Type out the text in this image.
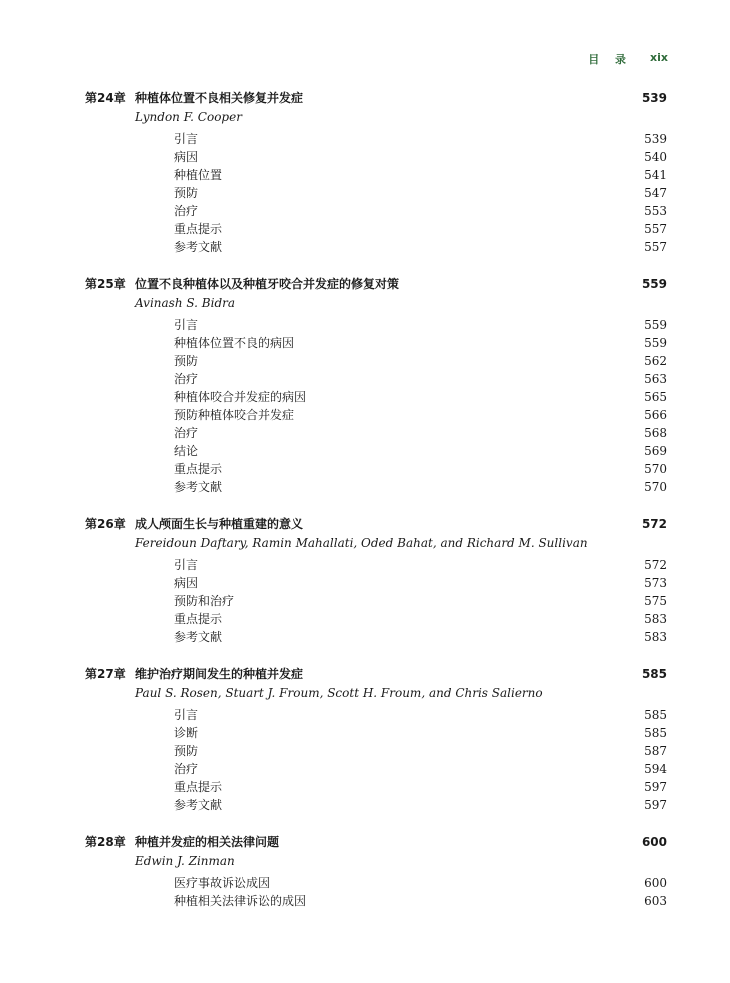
目 录 xix
第24章 种植体位置不良相关修复并发症	539
Lyndon F. Cooper
引言	539
病因	540
种植位置	541
预防	547
治疗	553
重点提示	557
参考文献	557
第25章 位置不良种植体以及种植牙咬合并发症的修复对策	559
Avinash S. Bidra
引言	559
种植体位置不良的病因	559
预防	562
治疗	563
种植体咬合并发症的病因	565
预防种植体咬合并发症	566
治疗	568
结论	569
重点提示	570
参考文献	570
第26章 成人颅面生长与种植重建的意义	572
Fereidoun Daftary, Ramin Mahallati, Oded Bahat, and Richard M. Sullivan
引言	572
病因	573
预防和治疗	575
重点提示	583
参考文献	583
第27章 维护治疗期间发生的种植并发症	585
Paul S. Rosen, Stuart J. Froum, Scott H. Froum, and Chris Salierno
引言	585
诊断	585
预防	587
治疗	594
重点提示	597
参考文献	597
第28章 种植并发症的相关法律问题	600
Edwin J. Zinman
医疗事故诉讼成因	600
种植相关法律诉讼的成因	603
